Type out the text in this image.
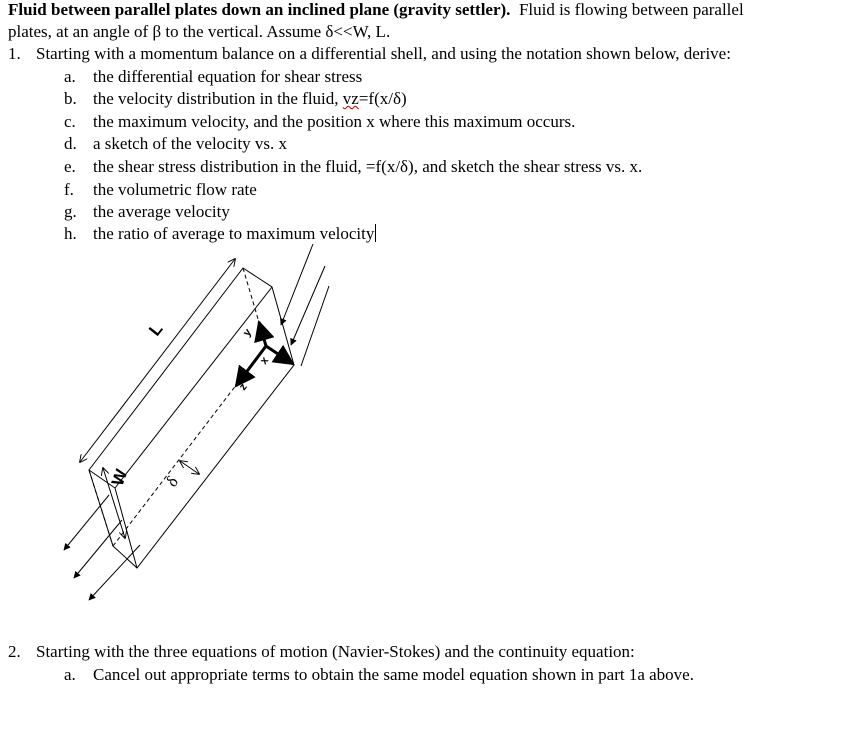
Fluid between parallel plates down an inclined plane (gravity settler).  Fluid is flowing between parallel
plates, at an angle of β to the vertical. Assume δ<<W, L.
1. Starting with a momentum balance on a differential shell, and using the notation shown below, derive:
a. the differential equation for shear stress
b. the velocity distribution in the fluid, vz=f(x/δ)
c. the maximum velocity, and the position x where this maximum occurs.
d. a sketch of the velocity vs. x
e. the shear stress distribution in the fluid, =f(x/δ), and sketch the shear stress vs. x.
f. the volumetric flow rate
g. the average velocity
h. the ratio of average to maximum velocity
L
W δ
y
x
z
2. Starting with the three equations of motion (Navier-Stokes) and the continuity equation:
a. Cancel out appropriate terms to obtain the same model equation shown in part 1a above.
